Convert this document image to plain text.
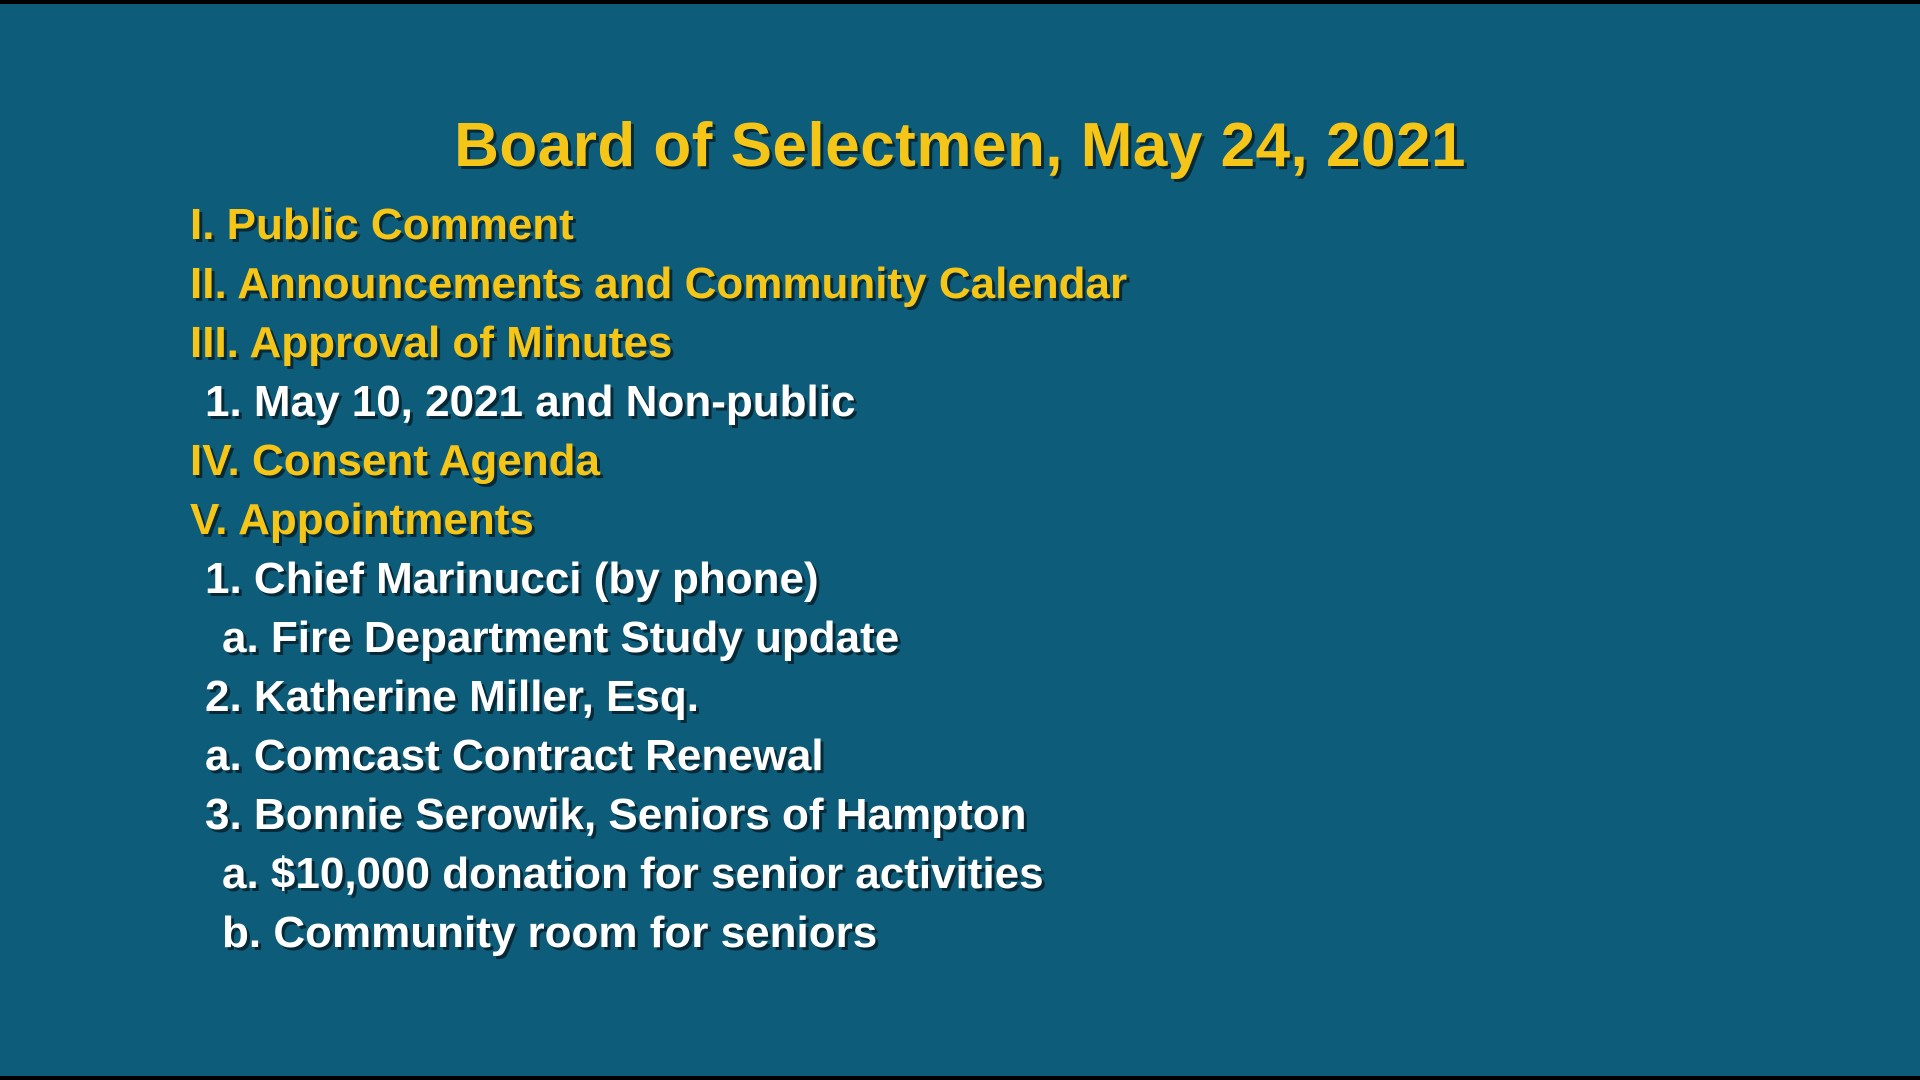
Board of Selectmen, May 24, 2021
I. Public Comment
II. Announcements and Community Calendar
III. Approval of Minutes
1. May 10, 2021 and Non-public
IV. Consent Agenda
V. Appointments
1. Chief Marinucci (by phone)
a. Fire Department Study update
2. Katherine Miller, Esq.
a. Comcast Contract Renewal
3. Bonnie Serowik, Seniors of Hampton
a. $10,000 donation for senior activities
b. Community room for seniors
